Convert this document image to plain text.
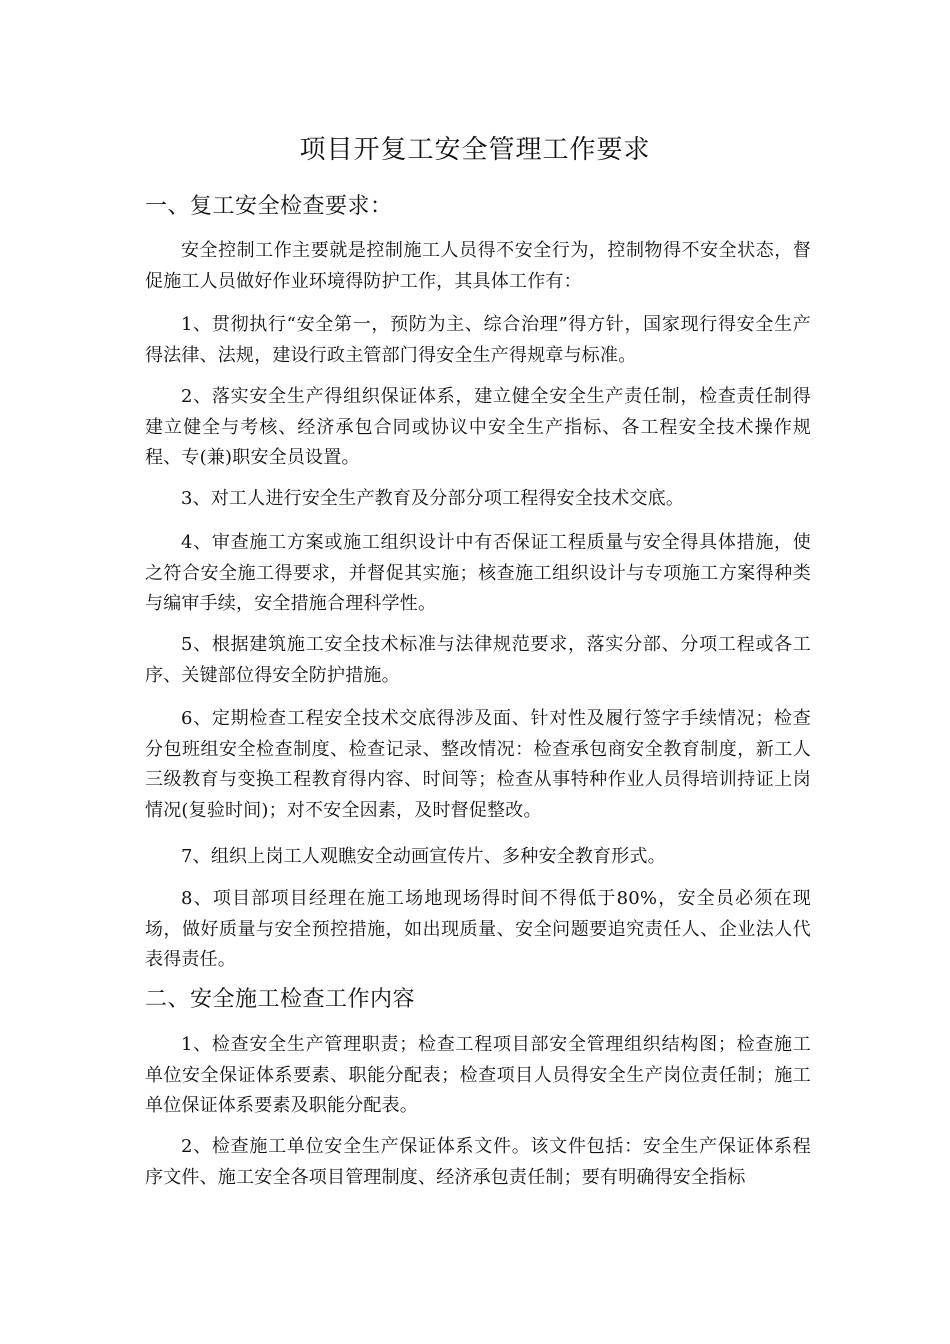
项目开复工安全管理工作要求
一、复工安全检查要求：
安全控制工作主要就是控制施工人员得不安全行为，控制物得不安全状态，督促施工人员做好作业环境得防护工作，其具体工作有：
1、贯彻执行“安全第一，预防为主、综合治理”得方针，国家现行得安全生产得法律、法规，建设行政主管部门得安全生产得规章与标准。
2、落实安全生产得组织保证体系，建立健全安全生产责任制，检查责任制得建立健全与考核、经济承包合同或协议中安全生产指标、各工程安全技术操作规程、专(兼)职安全员设置。
3、对工人进行安全生产教育及分部分项工程得安全技术交底。
4、审查施工方案或施工组织设计中有否保证工程质量与安全得具体措施，使之符合安全施工得要求，并督促其实施；核查施工组织设计与专项施工方案得种类与编审手续，安全措施合理科学性。
5、根据建筑施工安全技术标准与法律规范要求，落实分部、分项工程或各工序、关键部位得安全防护措施。
6、定期检查工程安全技术交底得涉及面、针对性及履行签字手续情况；检查分包班组安全检查制度、检查记录、整改情况：检查承包商安全教育制度，新工人三级教育与变换工程教育得内容、时间等；检查从事特种作业人员得培训持证上岗情况(复验时间)；对不安全因素，及时督促整改。
7、组织上岗工人观瞧安全动画宣传片、多种安全教育形式。
8、项目部项目经理在施工场地现场得时间不得低于80%，安全员必须在现场，做好质量与安全预控措施，如出现质量、安全问题要追究责任人、企业法人代表得责任。
二、安全施工检查工作内容
1、检查安全生产管理职责；检查工程项目部安全管理组织结构图；检查施工单位安全保证体系要素、职能分配表；检查项目人员得安全生产岗位责任制；施工单位保证体系要素及职能分配表。
2、检查施工单位安全生产保证体系文件。该文件包括：安全生产保证体系程序文件、施工安全各项目管理制度、经济承包责任制；要有明确得安全指标
